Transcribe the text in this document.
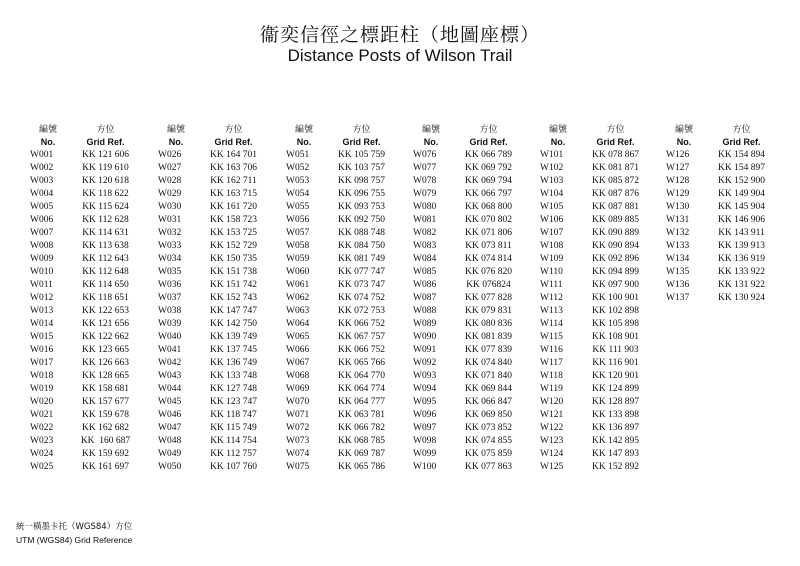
衞奕信徑之標距柱（地圖座標）
Distance Posts of Wilson Trail
編號	方位
No.	Grid Ref.
W001	KK 121 606
W002	KK 119 610
W003	KK 120 618
W004	KK 118 622
W005	KK 115 624
W006	KK 112 628
W007	KK 114 631
W008	KK 113 638
W009	KK 112 643
W010	KK 112 648
W011	KK 114 650
W012	KK 118 651
W013	KK 122 653
W014	KK 121 656
W015	KK 122 662
W016	KK 123 665
W017	KK 126 663
W018	KK 128 665
W019	KK 158 681
W020	KK 157 677
W021	KK 159 678
W022	KK 162 682
W023	KK  160 687
W024	KK 159 692
W025	KK 161 697
編號	方位
No.	Grid Ref.
W026	KK 164 701
W027	KK 163 706
W028	KK 162 711
W029	KK 163 715
W030	KK 161 720
W031	KK 158 723
W032	KK 153 725
W033	KK 152 729
W034	KK 150 735
W035	KK 151 738
W036	KK 151 742
W037	KK 152 743
W038	KK 147 747
W039	KK 142 750
W040	KK 139 749
W041	KK 137 745
W042	KK 136 749
W043	KK 133 748
W044	KK 127 748
W045	KK 123 747
W046	KK 118 747
W047	KK 115 749
W048	KK 114 754
W049	KK 112 757
W050	KK 107 760
編號	方位
No.	Grid Ref.
W051	KK 105 759
W052	KK 103 757
W053	KK 098 757
W054	KK 096 755
W055	KK 093 753
W056	KK 092 750
W057	KK 088 748
W058	KK 084 750
W059	KK 081 749
W060	KK 077 747
W061	KK 073 747
W062	KK 074 752
W063	KK 072 753
W064	KK 066 752
W065	KK 067 757
W066	KK 066 752
W067	KK 065 766
W068	KK 064 770
W069	KK 064 774
W070	KK 064 777
W071	KK 063 781
W072	KK 066 782
W073	KK 068 785
W074	KK 069 787
W075	KK 065 786
編號	方位
No.	Grid Ref.
W076	KK 066 789
W077	KK 069 792
W078	KK 069 794
W079	KK 066 797
W080	KK 068 800
W081	KK 070 802
W082	KK 071 806
W083	KK 073 811
W084	KK 074 814
W085	KK 076 820
W086	KK 076824
W087	KK 077 828
W088	KK 079 831
W089	KK 080 836
W090	KK 081 839
W091	KK 077 839
W092	KK 074 840
W093	KK 071 840
W094	KK 069 844
W095	KK 066 847
W096	KK 069 850
W097	KK 073 852
W098	KK 074 855
W099	KK 075 859
W100	KK 077 863
編號	方位
No.	Grid Ref.
W101	KK 078 867
W102	KK 081 871
W103	KK 085 872
W104	KK 087 876
W105	KK 087 881
W106	KK 089 885
W107	KK 090 889
W108	KK 090 894
W109	KK 092 896
W110	KK 094 899
W111	KK 097 900
W112	KK 100 901
W113	KK 102 898
W114	KK 105 898
W115	KK 108 901
W116	KK 111 903
W117	KK 116 901
W118	KK 120 901
W119	KK 124 899
W120	KK 128 897
W121	KK 133 898
W122	KK 136 897
W123	KK 142 895
W124	KK 147 893
W125	KK 152 892
編號	方位
No.	Grid Ref.
W126	KK 154 894
W127	KK 154 897
W128	KK 152 900
W129	KK 149 904
W130	KK 145 904
W131	KK 146 906
W132	KK 143 911
W133	KK 139 913
W134	KK 136 919
W135	KK 133 922
W136	KK 131 922
W137	KK 130 924
統一橫墨卡托（WGS84）方位
UTM (WGS84) Grid Reference
